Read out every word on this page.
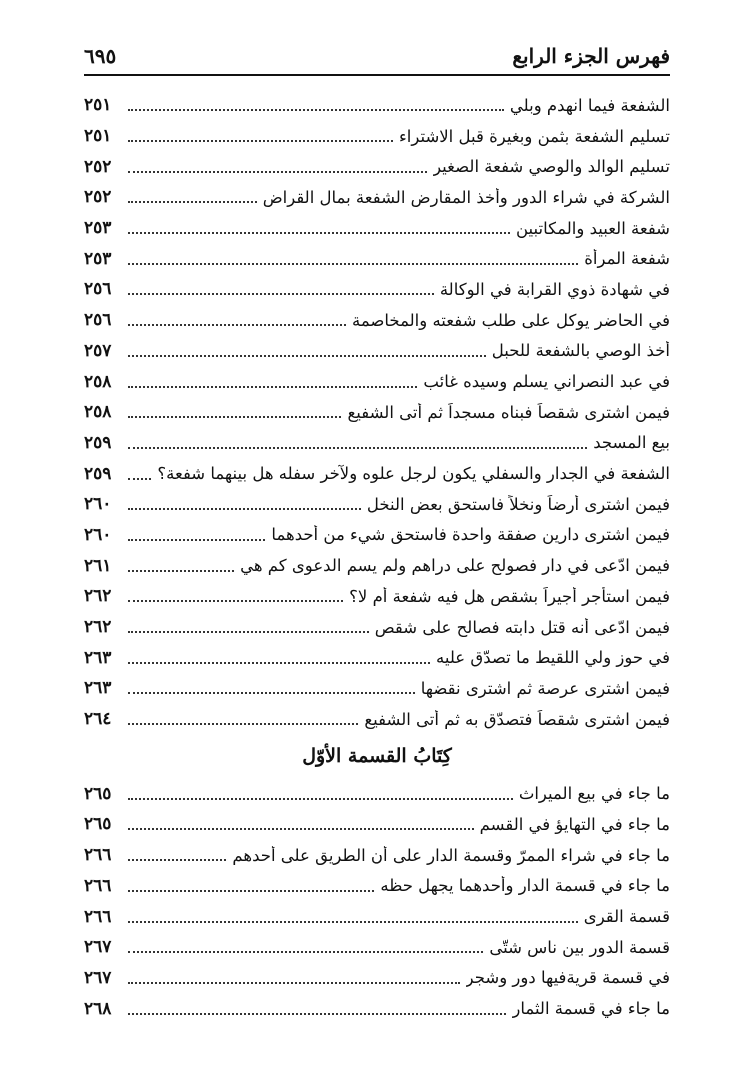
فهرس الجزء الرابع
٦٩٥
الشفعة فيما انهدم وبلي
٢٥١
تسليم الشفعة بثمن وبغيرة قبل الاشتراء
٢٥١
تسليم الوالد والوصي شفعة الصغير
٢٥٢
الشركة في شراء الدور وأخذ المقارض الشفعة بمال القراض
٢٥٢
شفعة العبيد والمكاتبين
٢٥٣
شفعة المرأة
٢٥٣
في شهادة ذوي القرابة في الوكالة
٢٥٦
في الحاضر يوكل على طلب شفعته والمخاصمة
٢٥٦
أخذ الوصي بالشفعة للحبل
٢٥٧
في عبد النصراني يسلم وسيده غائب
٢٥٨
فيمن اشترى شقصاً فبناه مسجداً ثم أتى الشفيع
٢٥٨
بيع المسجد
٢٥٩
الشفعة في الجدار والسفلي يكون لرجل علوه ولآخر سفله هل بينهما شفعة؟
٢٥٩
فيمن اشترى أرضاً ونخلاً فاستحق بعض النخل
٢٦٠
فيمن اشترى دارين صفقة واحدة فاستحق شيء من أحدهما
٢٦٠
فيمن ادّعى في دار فصولح على دراهم ولم يسمِ الدعوى كم هي
٢٦١
فيمن استأجر أجيراً بشقص هل فيه شفعة أم لا؟
٢٦٢
فيمن ادّعى أنه قتل دابته فصالح على شقص
٢٦٢
في حوز ولي اللقيط ما تصدّق عليه
٢٦٣
فيمن اشترى عرصة ثم اشترى نقضها
٢٦٣
فيمن اشترى شقصاً فتصدّق به ثم أتى الشفيع
٢٦٤
كِتَابُ القسمة الأوّل
ما جاء في بيع الميراث
٢٦٥
ما جاء في التهايؤ في القسم
٢٦٥
ما جاء في شراء الممرّ وقسمة الدار على أن الطريق على أحدهم
٢٦٦
ما جاء في قسمة الدار وأحدهما يجهل حظه
٢٦٦
قسمة القرى
٢٦٦
قسمة الدور بين ناس شتّى
٢٦٧
في قسمة قريةفيها دور وشجر
٢٦٧
ما جاء في قسمة الثمار
٢٦٨
